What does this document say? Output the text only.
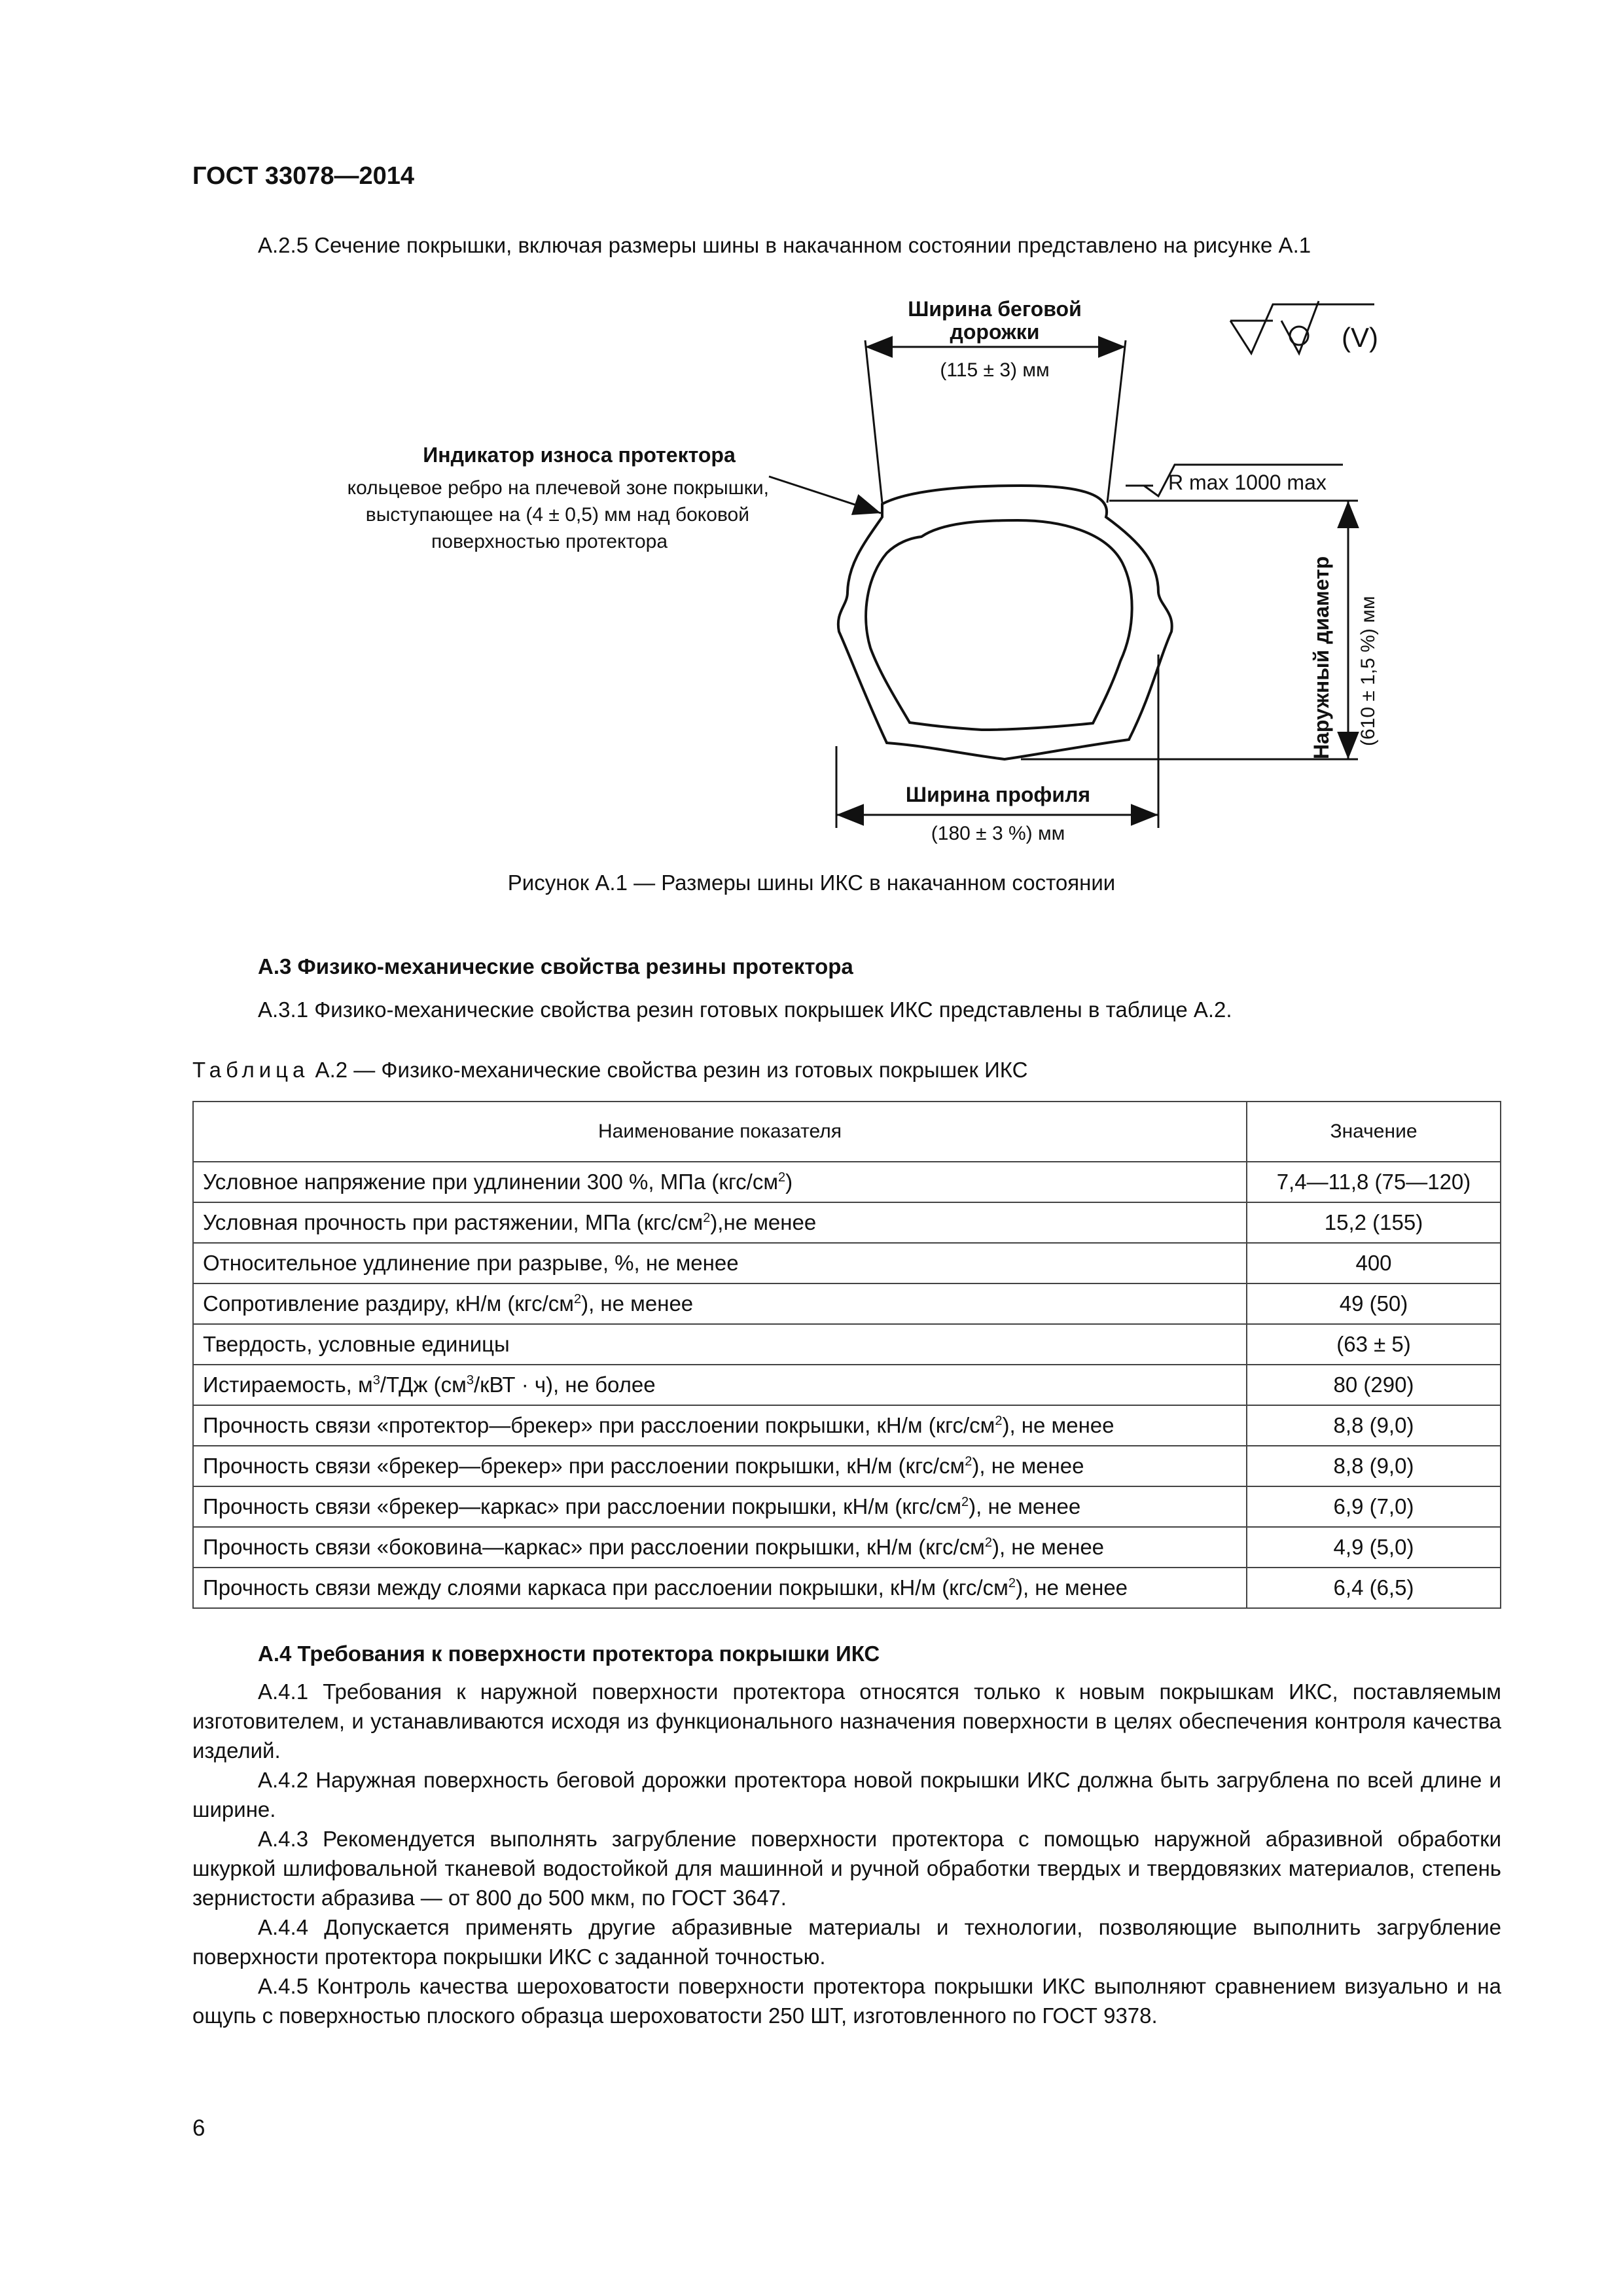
ГОСТ 33078—2014
А.2.5 Сечение покрышки, включая размеры шины в накачанном состоянии представлено на рисунке А.1
Ширина беговой
дорожки
(115 ± 3) мм
(V)
Индикатор износа протектора
кольцевое ребро на плечевой зоне покрышки,
выступающее на (4 ± 0,5) мм над боковой
поверхностью протектора
R max 1000 max
Наружный диаметр (610 ± 1,5 %) мм
Ширина профиля
(180 ± 3 %) мм
Рисунок А.1 — Размеры шины ИКС в накачанном состоянии
А.3 Физико-механические свойства резины протектора
А.3.1 Физико-механические свойства резин готовых покрышек ИКС представлены в таблице А.2.
Таблица А.2 — Физико-механические свойства резин из готовых покрышек ИКС
Наименование показателя	Значение
Условное напряжение при удлинении 300 %, МПа $(кгс/см^2)$	7,4—11,8 (75—120)
Условная прочность при растяжении, МПа $(кгс/см^2),не$ менее	15,2 (155)
Относительное удлинение при разрыве, %, не менее	400
Сопротивление раздиру, кН/м $(кгс/см^2)$, не менее	49 (50)
Твердость, условные единицы	(63 ± 5)
Истираемость, $м^3$/ТДж ($см^3$/кВТ · ч), не более	80 (290)
Прочность связи «протектор—брекер» при расслоении покрышки, кН/м $(кгс/см^2)$, не менее	8,8 (9,0)
Прочность связи «брекер—брекер» при расслоении покрышки, кН/м $(кгс/см^2)$, не менее	8,8 (9,0)
Прочность связи «брекер—каркас» при расслоении покрышки, кН/м $(кгс/см^2)$, не менее	6,9 (7,0)
Прочность связи «боковина—каркас» при расслоении покрышки, кН/м $(кгс/см^2)$, не менее	4,9 (5,0)
Прочность связи между слоями каркаса при расслоении покрышки, кН/м $(кгс/см^2)$, не менее	6,4 (6,5)
А.4 Требования к поверхности протектора покрышки ИКС

А.4.1 Требования к наружной поверхности протектора относятся только к новым покрышкам ИКС, поставляемым изготовителем, и устанавливаются исходя из функционального назначения поверхности в целях обеспечения контроля качества изделий.

А.4.2 Наружная поверхность беговой дорожки протектора новой покрышки ИКС должна быть загрублена по всей длине и ширине.

А.4.3 Рекомендуется выполнять загрубление поверхности протектора с помощью наружной абразивной обработки шкуркой шлифовальной тканевой водостойкой для машинной и ручной обработки твердых и твердовязких материалов, степень зернистости абразива — от 800 до 500 мкм, по ГОСТ 3647.

А.4.4 Допускается применять другие абразивные материалы и технологии, позволяющие выполнить загрубление поверхности протектора покрышки ИКС с заданной точностью.

А.4.5 Контроль качества шероховатости поверхности протектора покрышки ИКС выполняют сравнением визуально и на ощупь с поверхностью плоского образца шероховатости 250 ШТ, изготовленного по ГОСТ 9378.

6
